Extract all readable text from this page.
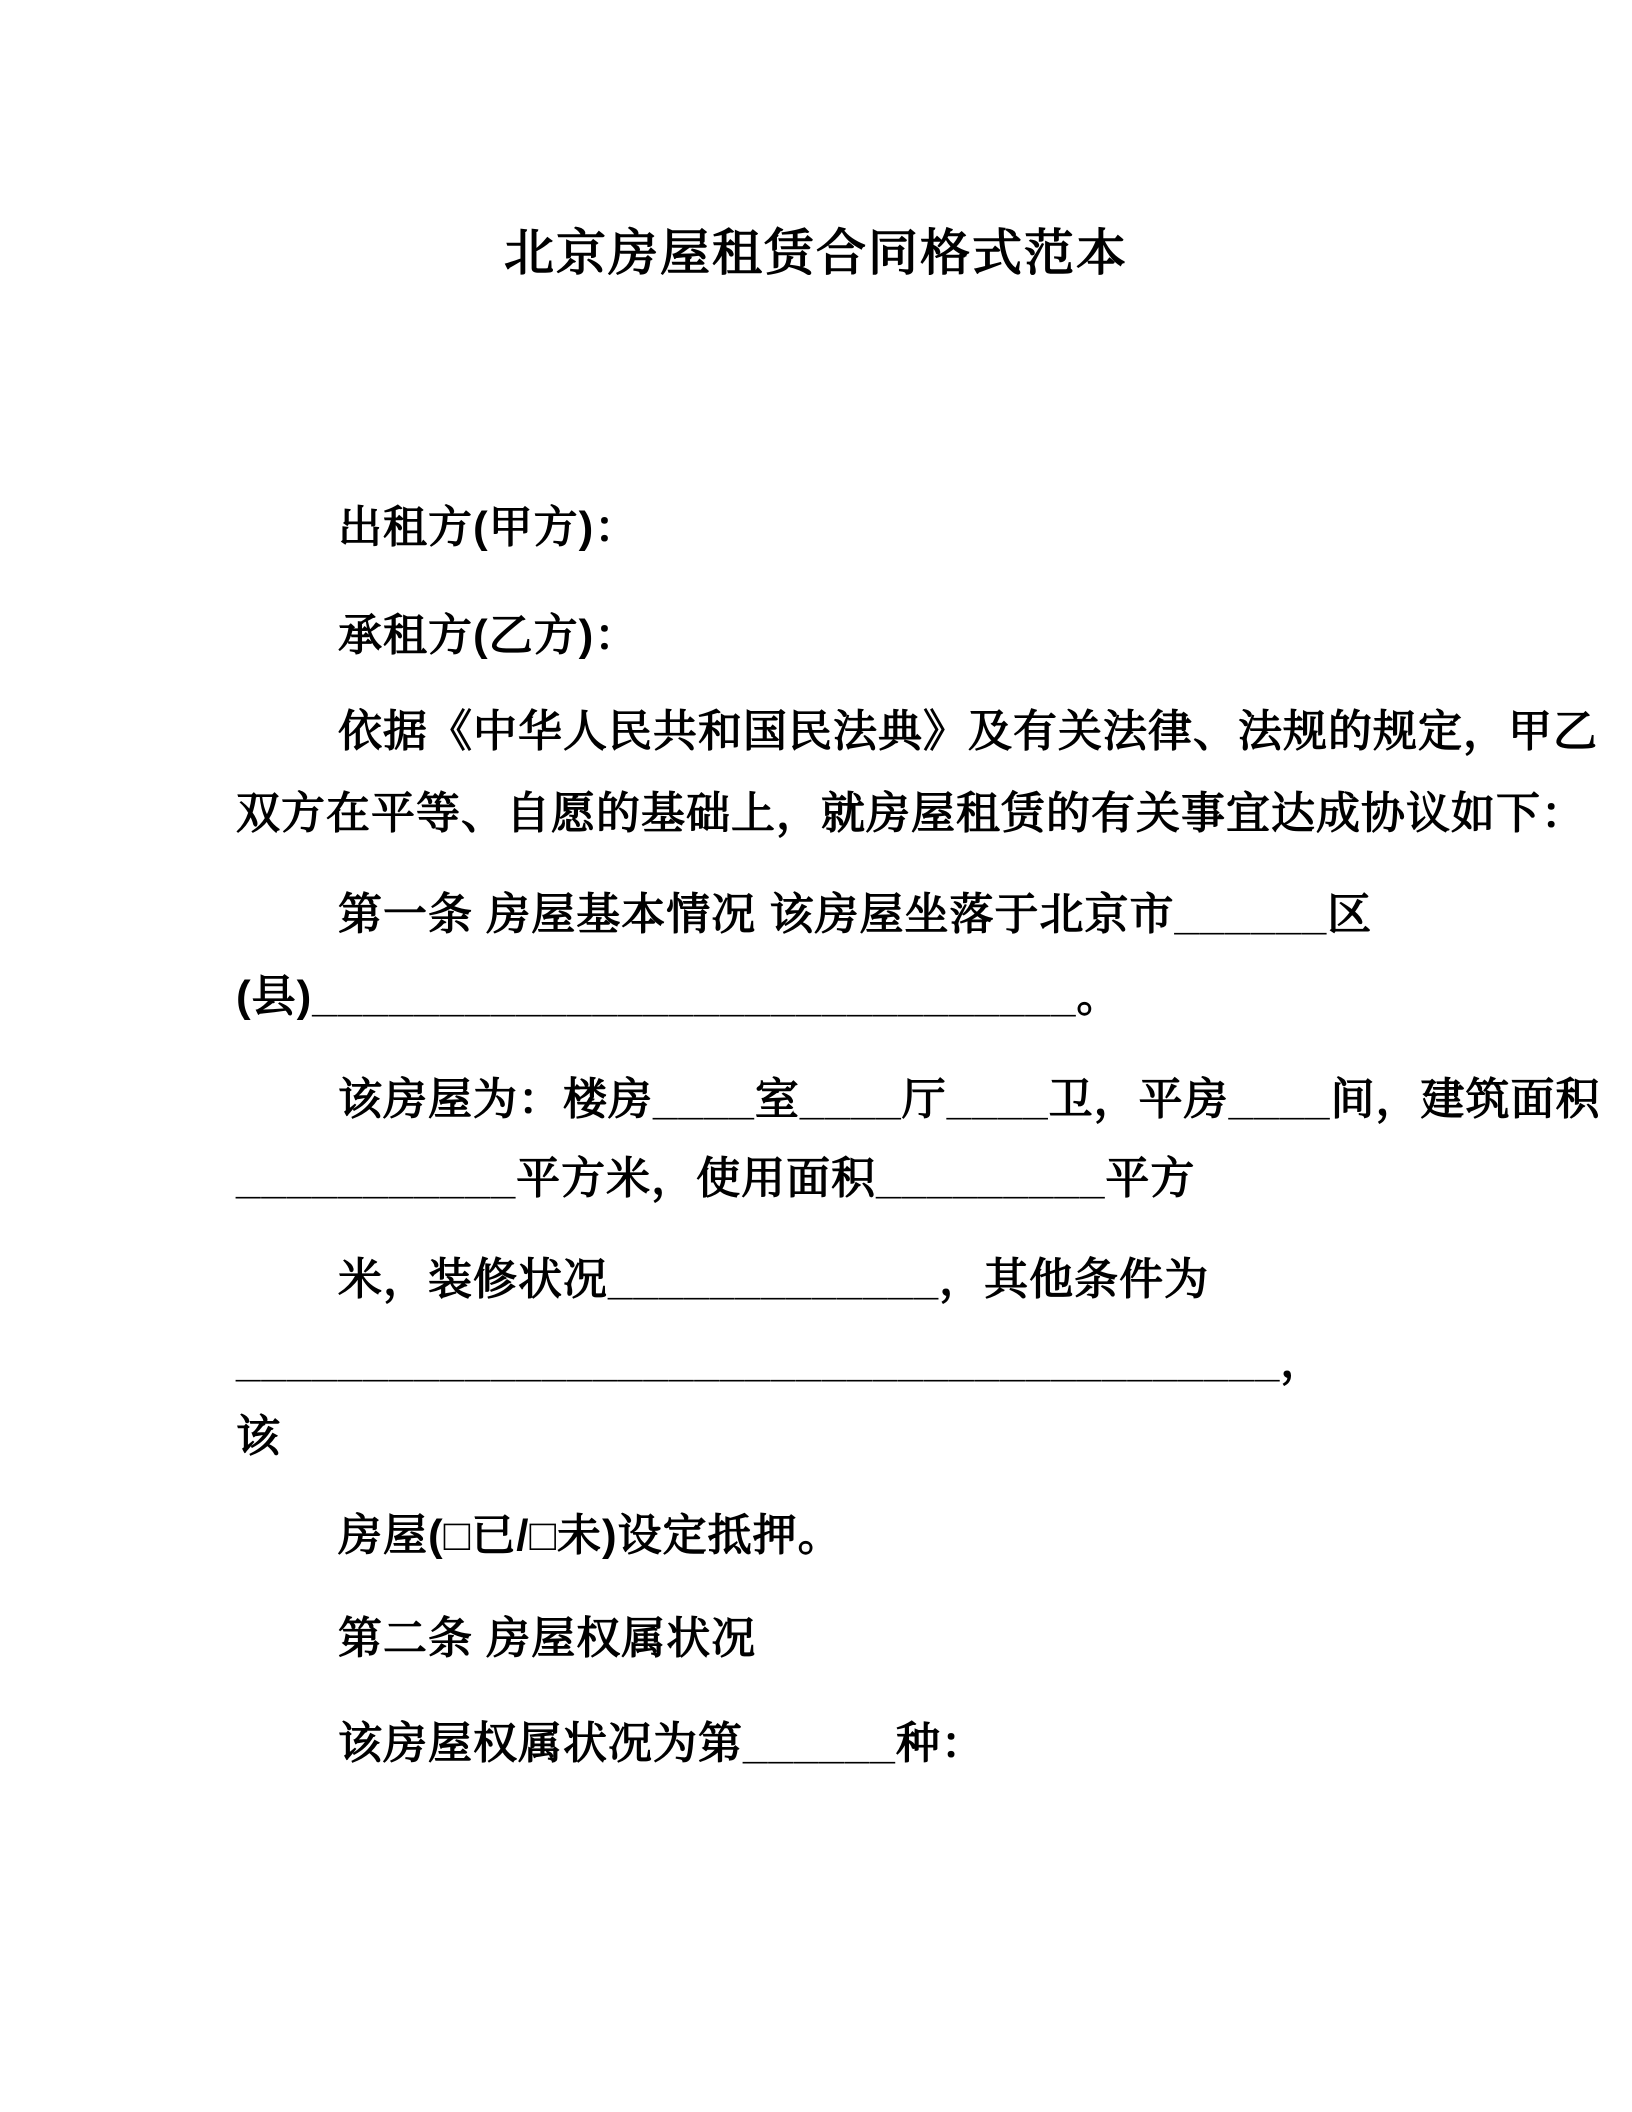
北京房屋租赁合同格式范本
出租方(甲方)：
承租方(乙方)：
依据《中华人民共和国民法典》及有关法律、法规的规定，甲乙
双方在平等、自愿的基础上，就房屋租赁的有关事宜达成协议如下：
第一条 房屋基本情况 该房屋坐落于北京市______区
(县)______________________________。
该房屋为：楼房____室____厅____卫，平房____间，建筑面积
___________平方米，使用面积_________平方
米，装修状况_____________，其他条件为
_________________________________________，
该
房屋(□已/□未)设定抵押。
第二条 房屋权属状况
该房屋权属状况为第______种：
